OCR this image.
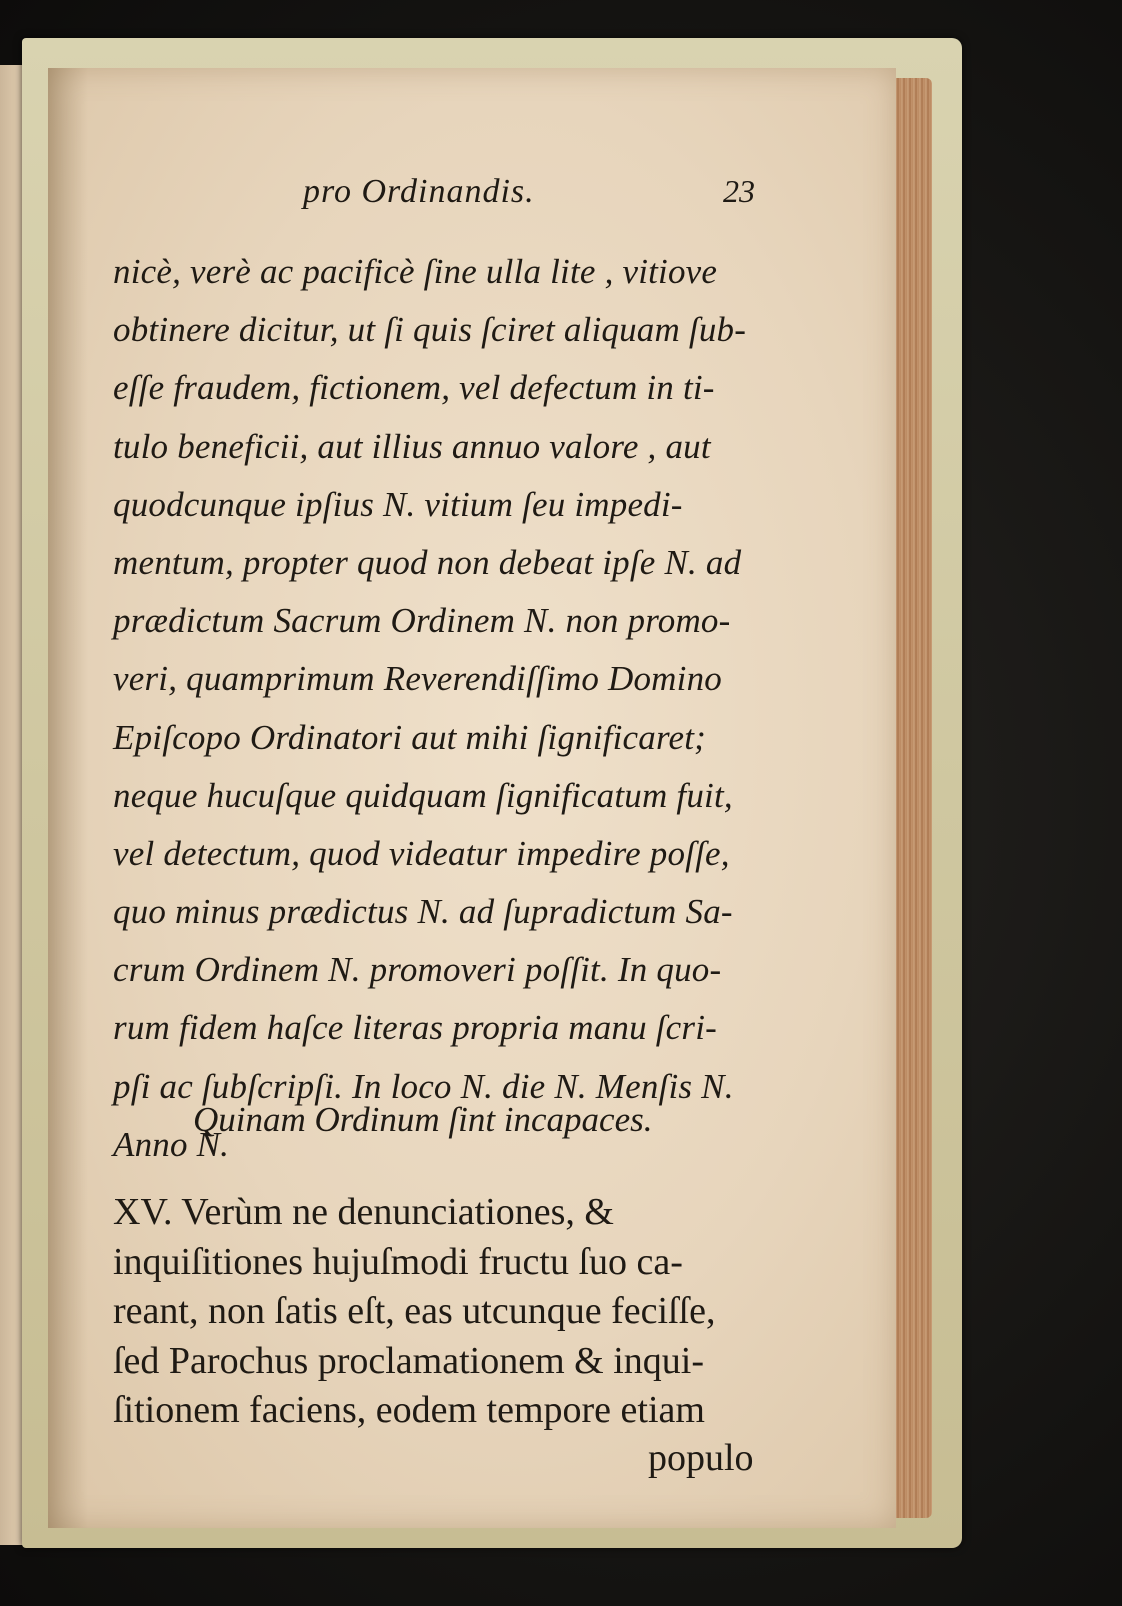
pro Ordinandis.	23
nicè, verè ac pacificè ſine ulla lite , vitiove
obtinere dicitur, ut ſi quis ſciret aliquam ſub-
eſſe fraudem, fictionem, vel defectum in ti-
tulo beneficii, aut illius annuo valore , aut
quodcunque ipſius N. vitium ſeu impedi-
mentum, propter quod non debeat ipſe N. ad
prædictum Sacrum Ordinem N. non promo-
veri, quamprimum Reverendiſſimo Domino
Epiſcopo Ordinatori aut mihi ſignificaret;
neque hucuſque quidquam ſignificatum fuit,
vel detectum, quod videatur impedire poſſe,
quo minus prædictus N. ad ſupradictum Sa-
crum Ordinem N. promoveri poſſit. In quo-
rum fidem haſce literas propria manu ſcri-
pſi ac ſubſcripſi. In loco N. die N. Menſis N.
Anno N.
Quinam Ordinum ſint incapaces.
XV. Verùm ne denunciationes, &
inquiſitiones hujuſmodi fructu ſuo ca-
reant, non ſatis eſt, eas utcunque feciſſe,
ſed Parochus proclamationem & inqui-
ſitionem faciens, eodem tempore etiam
populo
